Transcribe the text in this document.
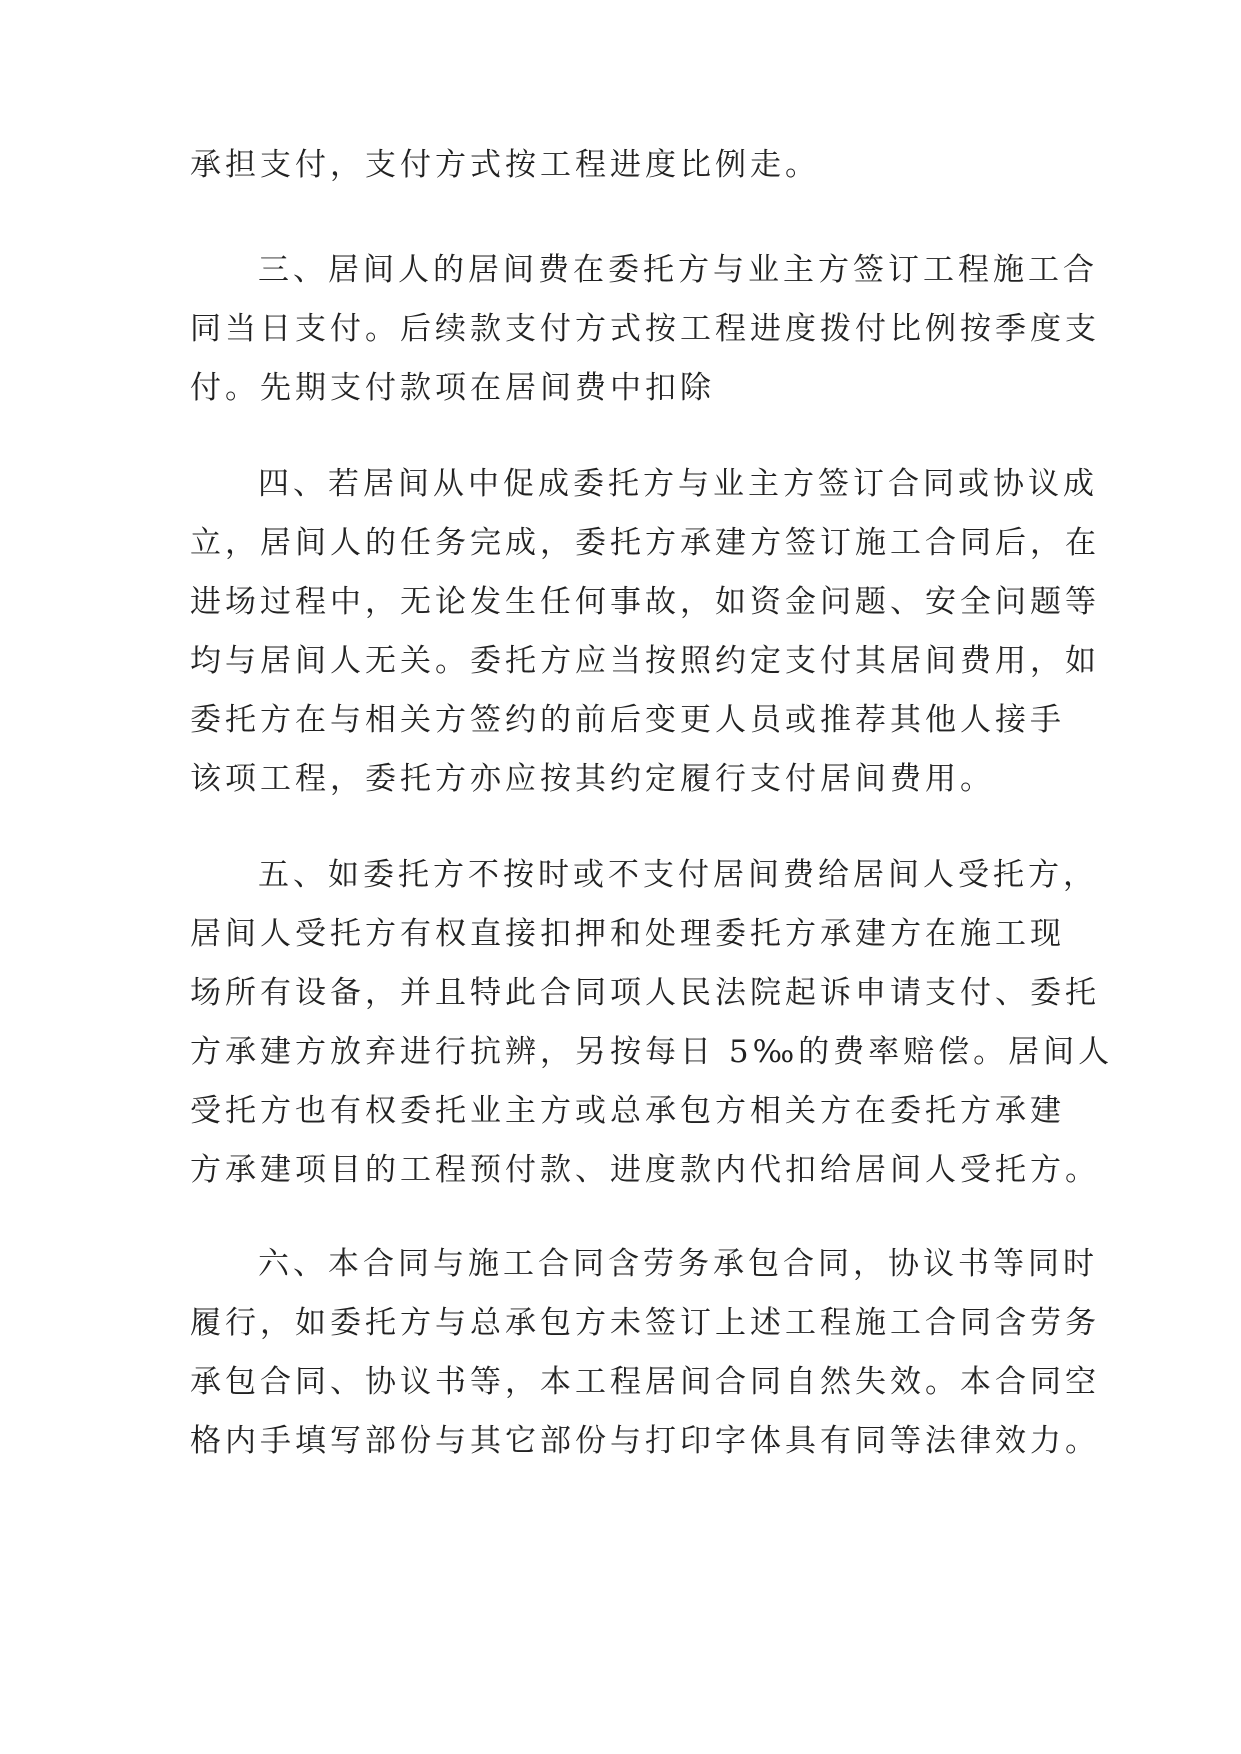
承担支付，支付方式按工程进度比例走。
三、居间人的居间费在委托方与业主方签订工程施工合
同当日支付。后续款支付方式按工程进度拨付比例按季度支
付。先期支付款项在居间费中扣除
四、若居间从中促成委托方与业主方签订合同或协议成
立，居间人的任务完成，委托方承建方签订施工合同后，在
进场过程中，无论发生任何事故，如资金问题、安全问题等
均与居间人无关。委托方应当按照约定支付其居间费用，如
委托方在与相关方签约的前后变更人员或推荐其他人接手
该项工程，委托方亦应按其约定履行支付居间费用。
五、如委托方不按时或不支付居间费给居间人受托方，
居间人受托方有权直接扣押和处理委托方承建方在施工现
场所有设备，并且特此合同项人民法院起诉申请支付、委托
方承建方放弃进行抗辨，另按每日 5‰的费率赔偿。居间人
受托方也有权委托业主方或总承包方相关方在委托方承建
方承建项目的工程预付款、进度款内代扣给居间人受托方。
六、本合同与施工合同含劳务承包合同，协议书等同时
履行，如委托方与总承包方未签订上述工程施工合同含劳务
承包合同、协议书等，本工程居间合同自然失效。本合同空
格内手填写部份与其它部份与打印字体具有同等法律效力。
